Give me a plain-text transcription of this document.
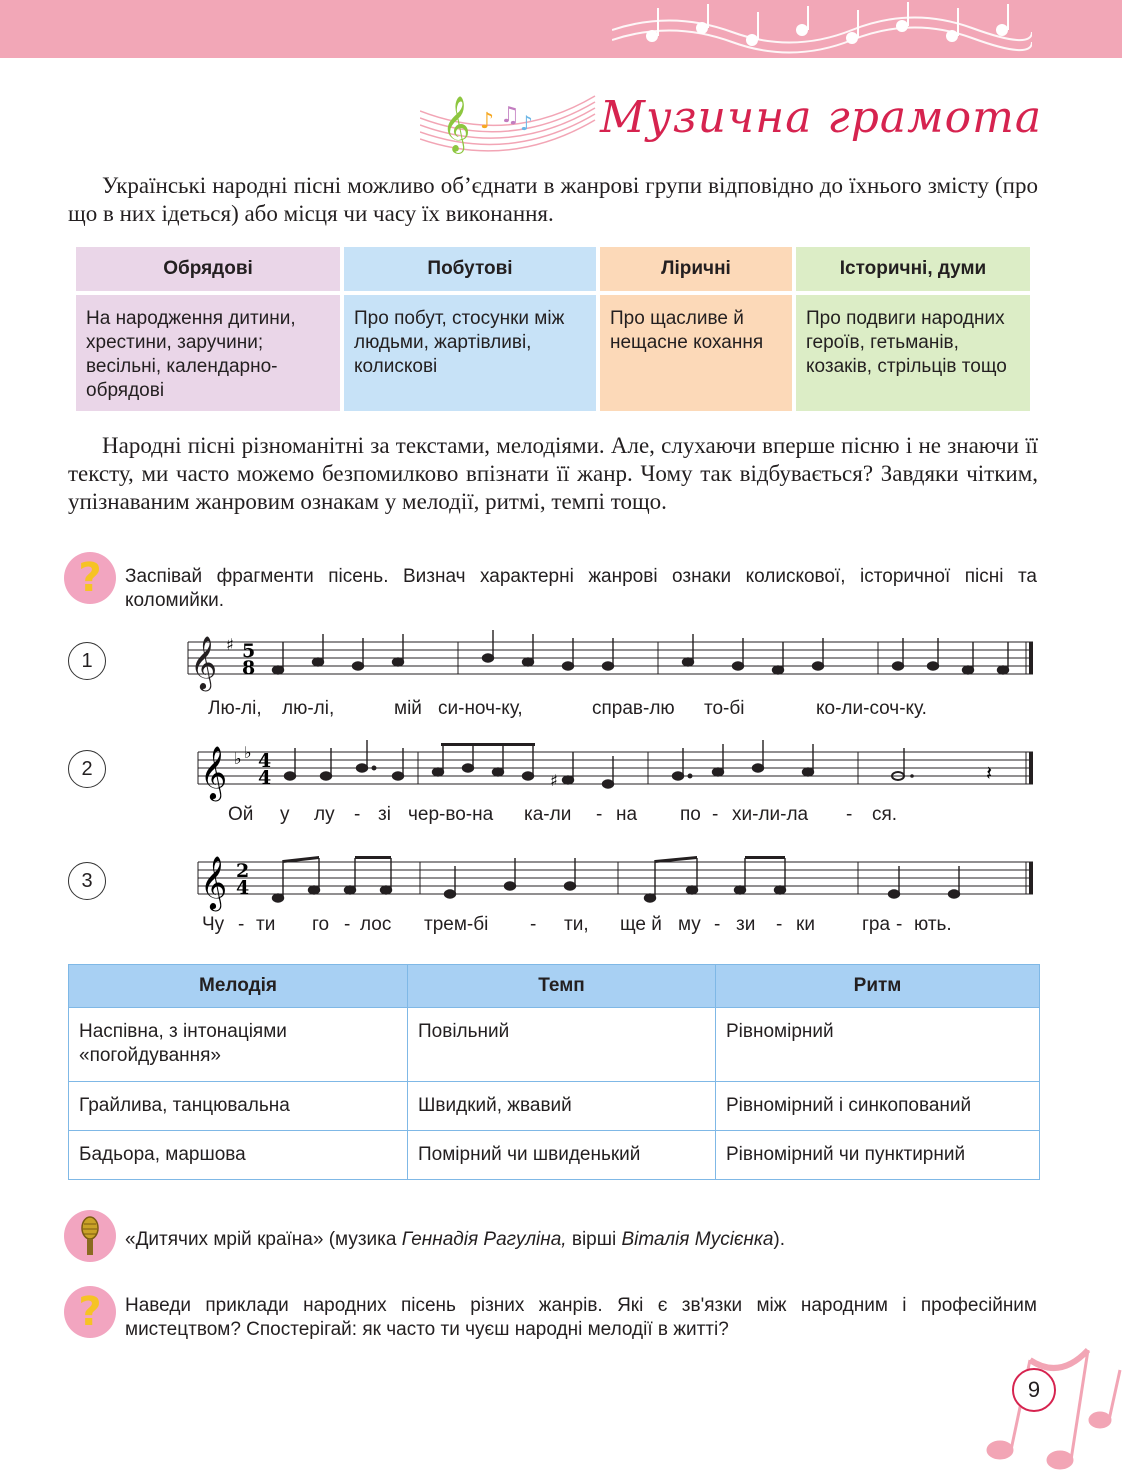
𝄞 ♪ ♫ ♪ Музична грамота
Українські народні пісні можливо об’єднати в жанрові групи відповідно до їхнього змісту (про що в них ідеться) або місця чи часу їх виконання.
Обрядові	Побутові	Ліричні	Історичні, думи
На народження дитини, хрестини, заручини; весільні, календарно-обрядові	Про побут, стосунки між людьми, жартівливі, колискові	Про щасливе й нещасне кохання	Про подвиги народних героїв, гетьманів, козаків, стрільців тощо
Народні пісні різноманітні за текстами, мелодіями. Але, слухаючи вперше пісню і не знаючи її тексту, ми часто можемо безпомилково впізнати її жанр. Чому так відбувається? Завдяки чітким, упізнаваним жанровим ознакам у мелодії, ритмі, темпі тощо.
?	Заспівай фрагменти пісень. Визнач характерні жанрові ознаки колискової, історичної пісні та коломийки.
1 𝄞 ♯ 5
8
Лю-лі, лю-лі,	мій си-ноч-ку,	справ-лю то-бі	ко-ли-соч-ку.
2 𝄞 ♭ ♭ 4
4	♯	𝄽
Ой у лу - зі чер-во-на ка-ли - на по - хи-ли-ла - ся.
3 𝄞 2
4
Чу - ти го - лос трем-бі - ти, ще й му - зи - ки гра - ють.
Мелодія	Темп	Ритм
Наспівна, з інтонаціями «погойдування»	Повільний	Рівномірний
Грайлива, танцювальна	Швидкий, жвавий	Рівномірний і синкопований
Бадьора, маршова	Помірний чи швиденький	Рівномірний чи пунктирний
«Дитячих мрій країна» (музика Геннадія Рагуліна, вірші Віталія Мусієнка).
?	Наведи приклади народних пісень різних жанрів. Які є зв'язки між народним і професійним мистецтвом? Спостерігай: як часто ти чуєш народні мелодії в житті?
9
